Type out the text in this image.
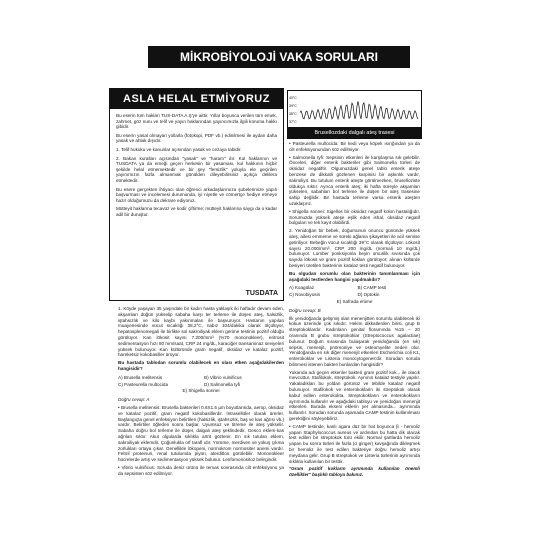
MİKROBİYOLOJİ VAKA SORULARI
ASLA HELAL ETMİYORUZ

Bu eserin tüm hakları TUS-DATA A.Ş'ye aittir. Yıllar boyunca verilen tüm emek, zahmet, göz nuru ve telif ve yayın haklarından yayıncımızla ilgili koruma hakkı gibidir.

Bu eserin yasal olmayan yollarla (fotokopi, PDF vb.) edinilmesi ile aydan daha yasak ve ahlak dışıdır.

1. Telif hukuku ve kanunlar açısından yasak ve cezaya tabidir.

2. Bakan kuralları açısından "yasak" ve "haram" dır. Kul haklarının ve TUSDATA ya da emeği geçen herkesin bir yasaması, kul hakkının hiçbir şekilde helal etmemektedir ve bir şey "fersizlik" yoluyla ele geçirilen yayınımızın fazla almanmak gönülden dileyebilirsiniz açıkça delilera etmektedir.

Bu esere gerçekten ihtiyacı olan öğrenci arkadaşlarımıza şubelerimize yapılı başvurması ve incelemesi durumunda, iyi niyetle ve cömertçe hediye etmeye hazır olduğumuzu da dekrare ediyoruz.

Mütteyit haklarına tecavüz ve kodir çiftirme; mütteyit haklarına saygı da o kadar adil bir duruştur.

TUSDATA
40°C
39°C
38°C
37°C
Brusellozdaki dalgalı ateş trasesi

1. Köyde yaşayan 35 yaşındaki bir kadın hasta yaklaşık iki haftadır devam eden, akşamları düğün yükselip sabaha karşı ter terleme ile düşen ateş, halsizlik, iştahsızlık ve kilo kaybı yakınmaları ile başvuruyor. Hastanın yapılan muayenesinde vücut sıcaklığı 38,2°C, nabız 104/dakika olarak ölçülüyor, hepatosplenomegali ile birlikte sol sakroiliyak eklem gerime testinin pozitif olduğu görülüyor. Kan lökosit sayısı 7.200/mm³ (%70 mononükleer), eritrosit sedimentasyon hızı 80 mm/saat, CRP 24 mg/dL, karaciğer transaminaz seviyeleri yüksek bulunuyor. Kan kültüründe gram negatif, oksidaz ve katalaz pozitif, hareketsiz kokobasiller ürüyor.

Bu hastada tablodan sorumlu olabilecek en olası etken aşağıdakilerden hangisidir?

A) Brusella melitensis	B) Vibrio vulnificus
C) Pasteurella multocida	D) Salmonella tyfi
E) Shigella sonnei

Doğru cevap: A

• Brusella melitensis: Brusella bakterileri 0.6X1.5 µm boyutlarında, aerop, oksidaz ve katalaz pozitif, gram negatif kokobasillerdir. İntrasellüler olarak ürerler. Başlangıçta genel enfeksiyon belirtileri (halsizlik, iştahsızlık, baş ve kas ağrısı vb.) vardır. Belirtiler öğleden sonra başlar. Uyumsuz ve titreme ile ateş yükselir. Sabaha doğru bol terleme ile düşer, dalgalı ateş şeklindedir. Gesco eklem-kas ağrıları sıktır. Akut olgularda sıklıkla artrit gözlenir. En sık tutulan eklem, sakroiliyak eklemdir. Çoğunlukla orf tarafl ıdır. Yürüme, merdiven ve yokuş çıkma zorlukları ortaya çıkar. Genellikle lökopeni, normokrom normositer anemi vardır. Febril proteinuri, renal tutulumda piyüri, aterditlon görülebilir. Mononükleer hücrelerde artış ve sedimentasyon yüksek bulunur. Lenfomonositoz belirgindir.

• Vibrio vulnificus: Soruda deniz ürünü ile temas sonrasında cilt enfeksiyonu ya da sepsisten söz edilmiyor.

• Pasteurella multocida: Bir kedi veya köpek ısırığından ya da cilt enfeksiyonundan söz edilmiyor.

• Salmonella tyfi: Sepsinin etkenleri ile karşılaşma sık gelebilir. Önceleri, diğer enterik bakteriler gibi Salmonella türleri de oksidaz negatiftir. Olgumuzdaki genel tablo enterik ateşe benzese de dikkatli gözlenen karpinisi bir aşkınlık vardır, sakroiliyit. Bu tutulum enterik ateşte görülmezken, bruselloziste oldukça sıktır. Ayrıca enterik ateş; iki hafta süreyle akşamları yükselen, sabahları bol terleme ile düşen bir ateş trasesine sahip değildir. Bir hastada terleme varsa enterik ateşten uzaklaşırız.

• Shigella sonnei: Sigellos bir oksidaz negatif kolon hastalığıdır. Sorumuzda yüksek ateşe eşlik eden ishal, oksidaz negatif bulguları ve tek kayıt olabilirdi.

2. Yenidoğan bir bebek, doğumunun onuncu gününde yüksek ateş, ailesi emmeme ve süreki ağlama şikayetleri ile acil servise getiriliyor. Bebeğin vücut sıcaklığı 39°C olarak ölçülüyor. Lökosit sayısı 20.000/mm³, CRP 200 mg/dL (normali 10 mg/dL) bulunuyor. Lomber ponksiyonla beyin omurilik sıvısında çok sayıda lökosit ve gram pozitif kokları görülüyor; alınan kültürde besiyeri üretilen bakterinin katalaz testi negatif bulunuyor.

Bu olgudan sorumlu olan bakterinin tanımlanması için aşağıdaki testlerden hangisi yapılmalıdır?

A) Koagülaz	B) CAMP testi
C) Novobiyosin	D) Optokin
E) Safrada eriime

Doğru cevap: B

İlk yenidoğanda gelişmiş olan menenjitten sorumlu olabilecek iki kokun üzerinde çok sıkıdır. Hekim dikkatlerden birisi, grup B streptokoklardır. Kadınların genital floramında %15 – 20 oranında B grubu streptokoklar (Streptococcus agalactiae) bulunur. Doğum sırasında bulaşarak yenidoğanda (en sık) sepsis, menenjit, pnömoniye ve osteomyelite neden olur. Yenidoğanda en sık diğer menenjit etkenleri Escherichia coli K1, enterokoklar ve Listeria monocytogenes'dir. Sorudan soruda bilinmesi istenen bakteri bunlardan hangisidir?

Yukarıda adı geçen etkenler bakteri gram pozitif kok... ile olacık mevcuttur. Stafilokok, streptokok. Aynının katalaz testiyle yapılır. Yakaladıkları bu yoldan görünüz ve tebilde katalaz negatif bulunuyor. Stafilokok ve enterokoklarin iki streptokok olarak kabul edilen enterokokta. Streptokokların ve enterokokların ayrımında kullanılır ve aşağıdaki tabloyu ve yenidoğan menenjit etkenleri. Burada ekseni eklerin yer almasında... ayrımında kullanılır. Sorudan sorunda aşamada CAMP testinin kullanılması gerektiğini söyleyebiliriz.

• CAMP testinde, kanlı agara düz bir hat boyunca β - hemoliz yapan Staphylococcus aureus ve ardından bu hatta dik olacak test edilen bir streptokok türü ekilir. Normal şartlarda hemoliz yapan bu sonra türleri ile fazla (σ ginger) kavşağında dikleşmek bir hemoliz ile test edilen bakteriye doğru hemoliz artışı meydana gelir. Grup B streptokok ve Listeria türlerinin ayrımında sıklıkla kullanılan bir testtir.

"Gram pozitif kokların ayrımında kullanılan önemli özellikler" başlıklı tabloya bakınız.
